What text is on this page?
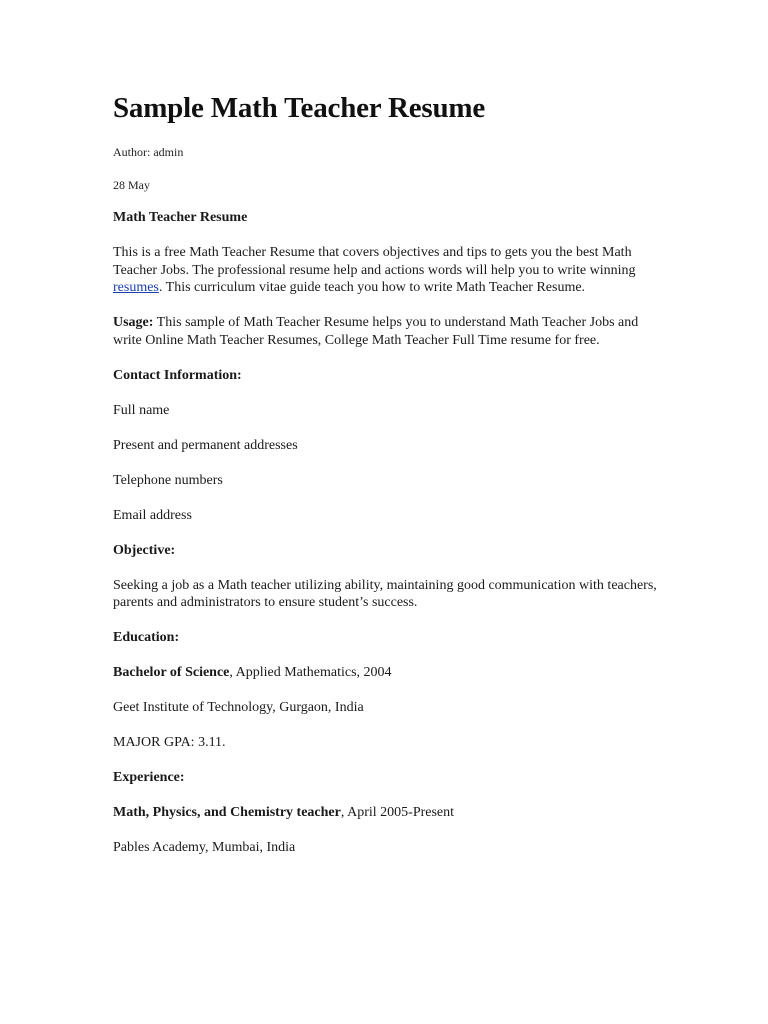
Sample Math Teacher Resume
Author: admin
28 May

Math Teacher Resume

This is a free Math Teacher Resume that covers objectives and tips to gets you the best Math Teacher Jobs. The professional resume help and actions words will help you to write winning resumes. This curriculum vitae guide teach you how to write Math Teacher Resume.

Usage: This sample of Math Teacher Resume helps you to understand Math Teacher Jobs and write Online Math Teacher Resumes, College Math Teacher Full Time resume for free.

Contact Information:

Full name

Present and permanent addresses

Telephone numbers

Email address

Objective:

Seeking a job as a Math teacher utilizing ability, maintaining good communication with teachers, parents and administrators to ensure student’s success.

Education:

Bachelor of Science, Applied Mathematics, 2004

Geet Institute of Technology, Gurgaon, India

MAJOR GPA: 3.11.

Experience:

Math, Physics, and Chemistry teacher, April 2005-Present

Pables Academy, Mumbai, India
